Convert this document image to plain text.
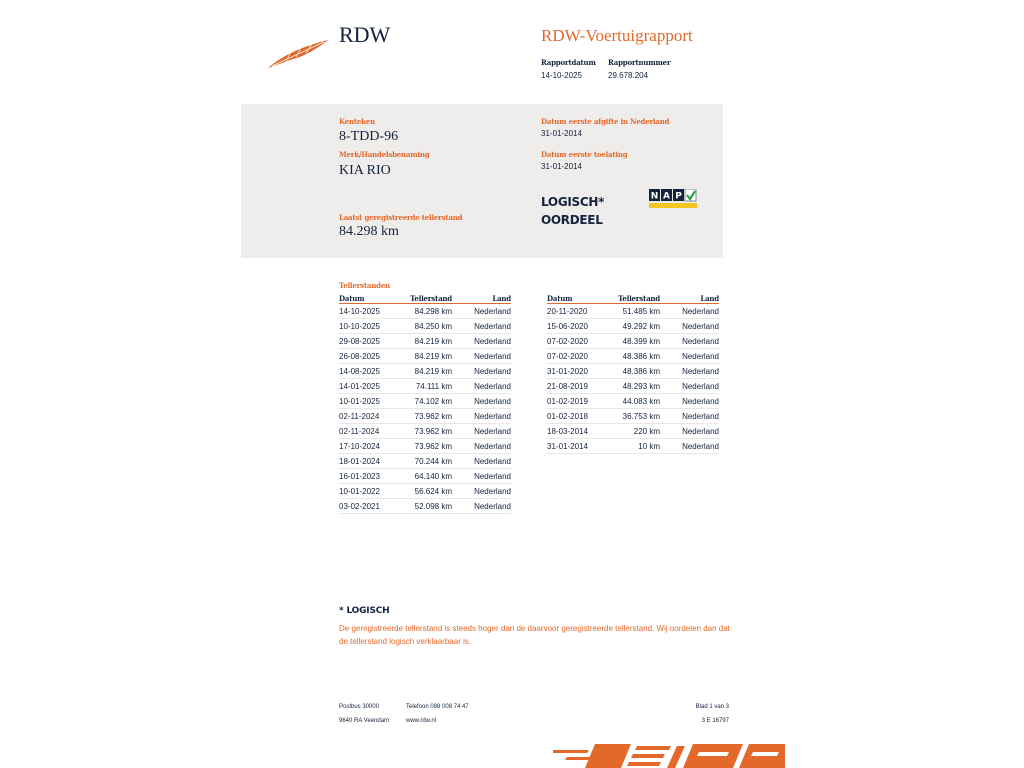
RDW	RDW-Voertuigrapport
Rapportdatum
14-10-2025
Rapportnummer
29.678.204
Kenteken
8-TDD-96
Merk/Handelsbenaming
KIA RIO
Laatst geregistreerde tellerstand
84.298 km
Datum eerste afgifte in Nederland
31-01-2014
Datum eerste toelating
31-01-2014
LOGISCH*
OORDEEL
N A P
Tellerstanden
Datum	Tellerstand	Land
14-10-2025	84.298 km	Nederland
10-10-2025	84.250 km	Nederland
29-08-2025	84.219 km	Nederland
26-08-2025	84.219 km	Nederland
14-08-2025	84.219 km	Nederland
14-01-2025	74.111 km	Nederland
10-01-2025	74.102 km	Nederland
02-11-2024	73.962 km	Nederland
02-11-2024	73.962 km	Nederland
17-10-2024	73.962 km	Nederland
18-01-2024	70.244 km	Nederland
16-01-2023	64.140 km	Nederland
10-01-2022	56.624 km	Nederland
03-02-2021	52.098 km	Nederland
Datum	Tellerstand	Land
20-11-2020	51.485 km	Nederland
15-06-2020	49.292 km	Nederland
07-02-2020	48.399 km	Nederland
07-02-2020	48.386 km	Nederland
31-01-2020	48.386 km	Nederland
21-08-2019	48.293 km	Nederland
01-02-2019	44.083 km	Nederland
01-02-2018	36.753 km	Nederland
18-03-2014	220 km	Nederland
31-01-2014	10 km	Nederland
* LOGISCH
De geregistreerde tellerstand is steeds hoger dan de daarvoor geregistreerde tellerstand. Wij oordelen dan dat de tellerstand logisch verklaarbaar is.
Postbus 30000
9640 RA Veendam
Telefoon 088 008 74 47
www.rdw.nl
Blad 1 van 3
3 E 16797
